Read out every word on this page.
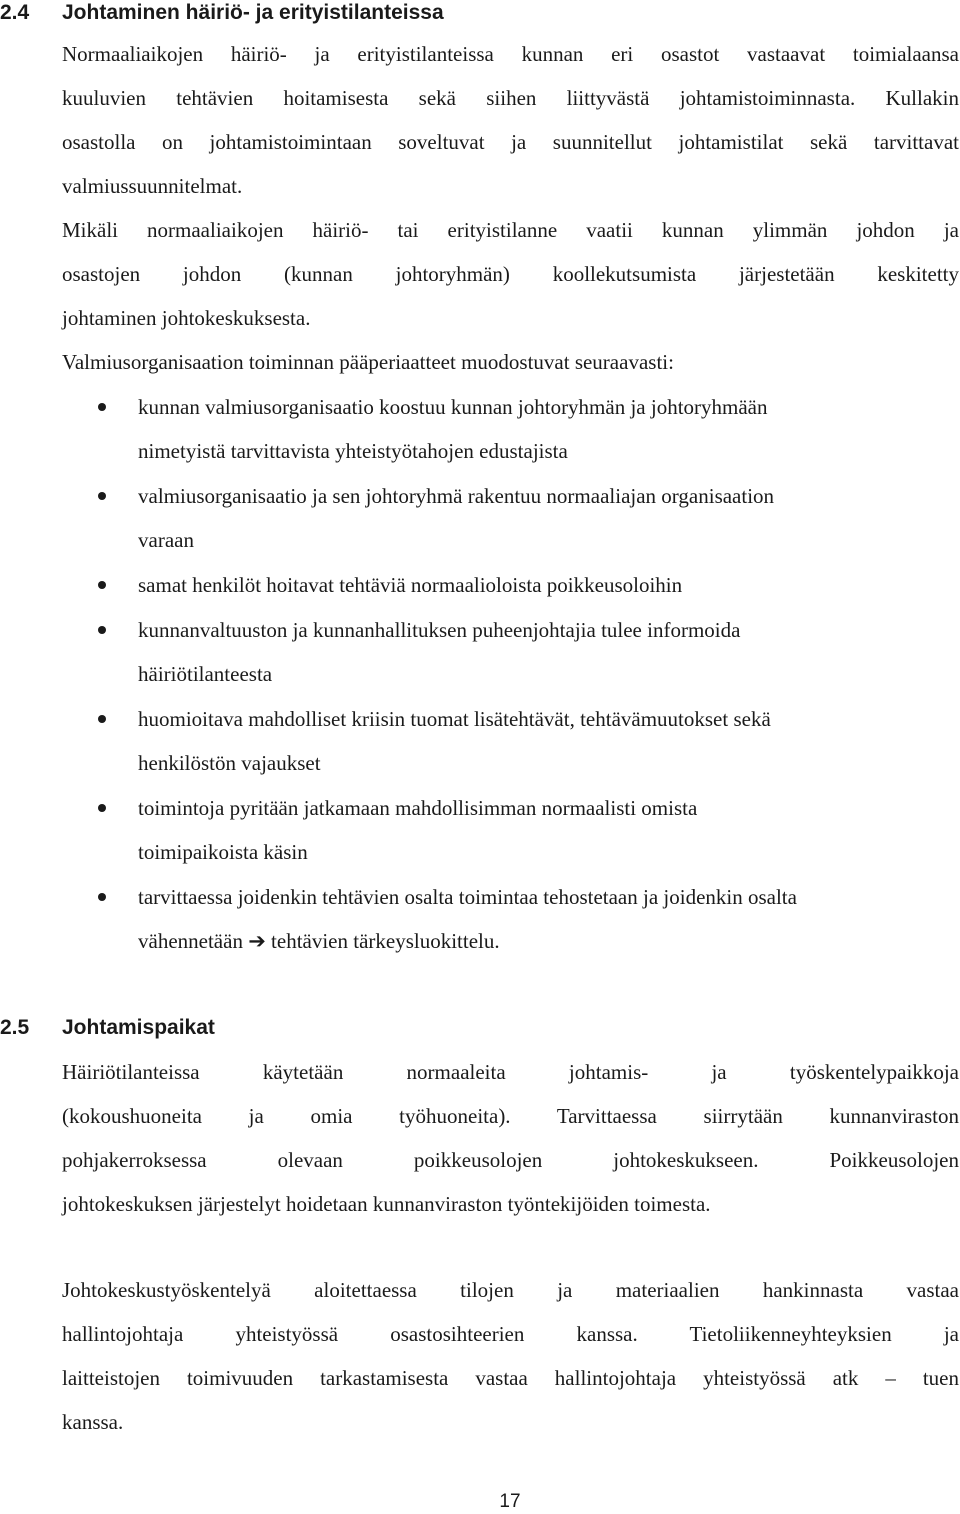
2.4 Johtaminen häiriö- ja erityistilanteissa
Normaaliaikojen häiriö- ja erityistilanteissa kunnan eri osastot vastaavat toimialaansa
kuuluvien tehtävien hoitamisesta sekä siihen liittyvästä johtamistoiminnasta. Kullakin
osastolla on johtamistoimintaan soveltuvat ja suunnitellut johtamistilat sekä tarvittavat
valmiussuunnitelmat.
Mikäli normaaliaikojen häiriö- tai erityistilanne vaatii kunnan ylimmän johdon ja
osastojen johdon (kunnan johtoryhmän) koollekutsumista järjestetään keskitetty
johtaminen johtokeskuksesta.
Valmiusorganisaation toiminnan pääperiaatteet muodostuvat seuraavasti:
kunnan valmiusorganisaatio koostuu kunnan johtoryhmän ja johtoryhmään
nimetyistä tarvittavista yhteistyötahojen edustajista
valmiusorganisaatio ja sen johtoryhmä rakentuu normaaliajan organisaation
varaan
samat henkilöt hoitavat tehtäviä normaalioloista poikkeusoloihin
kunnanvaltuuston ja kunnanhallituksen puheenjohtajia tulee informoida
häiriötilanteesta
huomioitava mahdolliset kriisin tuomat lisätehtävät, tehtävämuutokset sekä
henkilöstön vajaukset
toimintoja pyritään jatkamaan mahdollisimman normaalisti omista
toimipaikoista käsin
tarvittaessa joidenkin tehtävien osalta toimintaa tehostetaan ja joidenkin osalta
vähennetään ➔ tehtävien tärkeysluokittelu.
2.5 Johtamispaikat
Häiriötilanteissa käytetään normaaleita johtamis- ja työskentelypaikkoja
(kokoushuoneita ja omia työhuoneita). Tarvittaessa siirrytään kunnanviraston
pohjakerroksessa olevaan poikkeusolojen johtokeskukseen. Poikkeusolojen
johtokeskuksen järjestelyt hoidetaan kunnanviraston työntekijöiden toimesta.
Johtokeskustyöskentelyä aloitettaessa tilojen ja materiaalien hankinnasta vastaa
hallintojohtaja yhteistyössä osastosihteerien kanssa. Tietoliikenneyhteyksien ja
laitteistojen toimivuuden tarkastamisesta vastaa hallintojohtaja yhteistyössä atk – tuen
kanssa.
17
